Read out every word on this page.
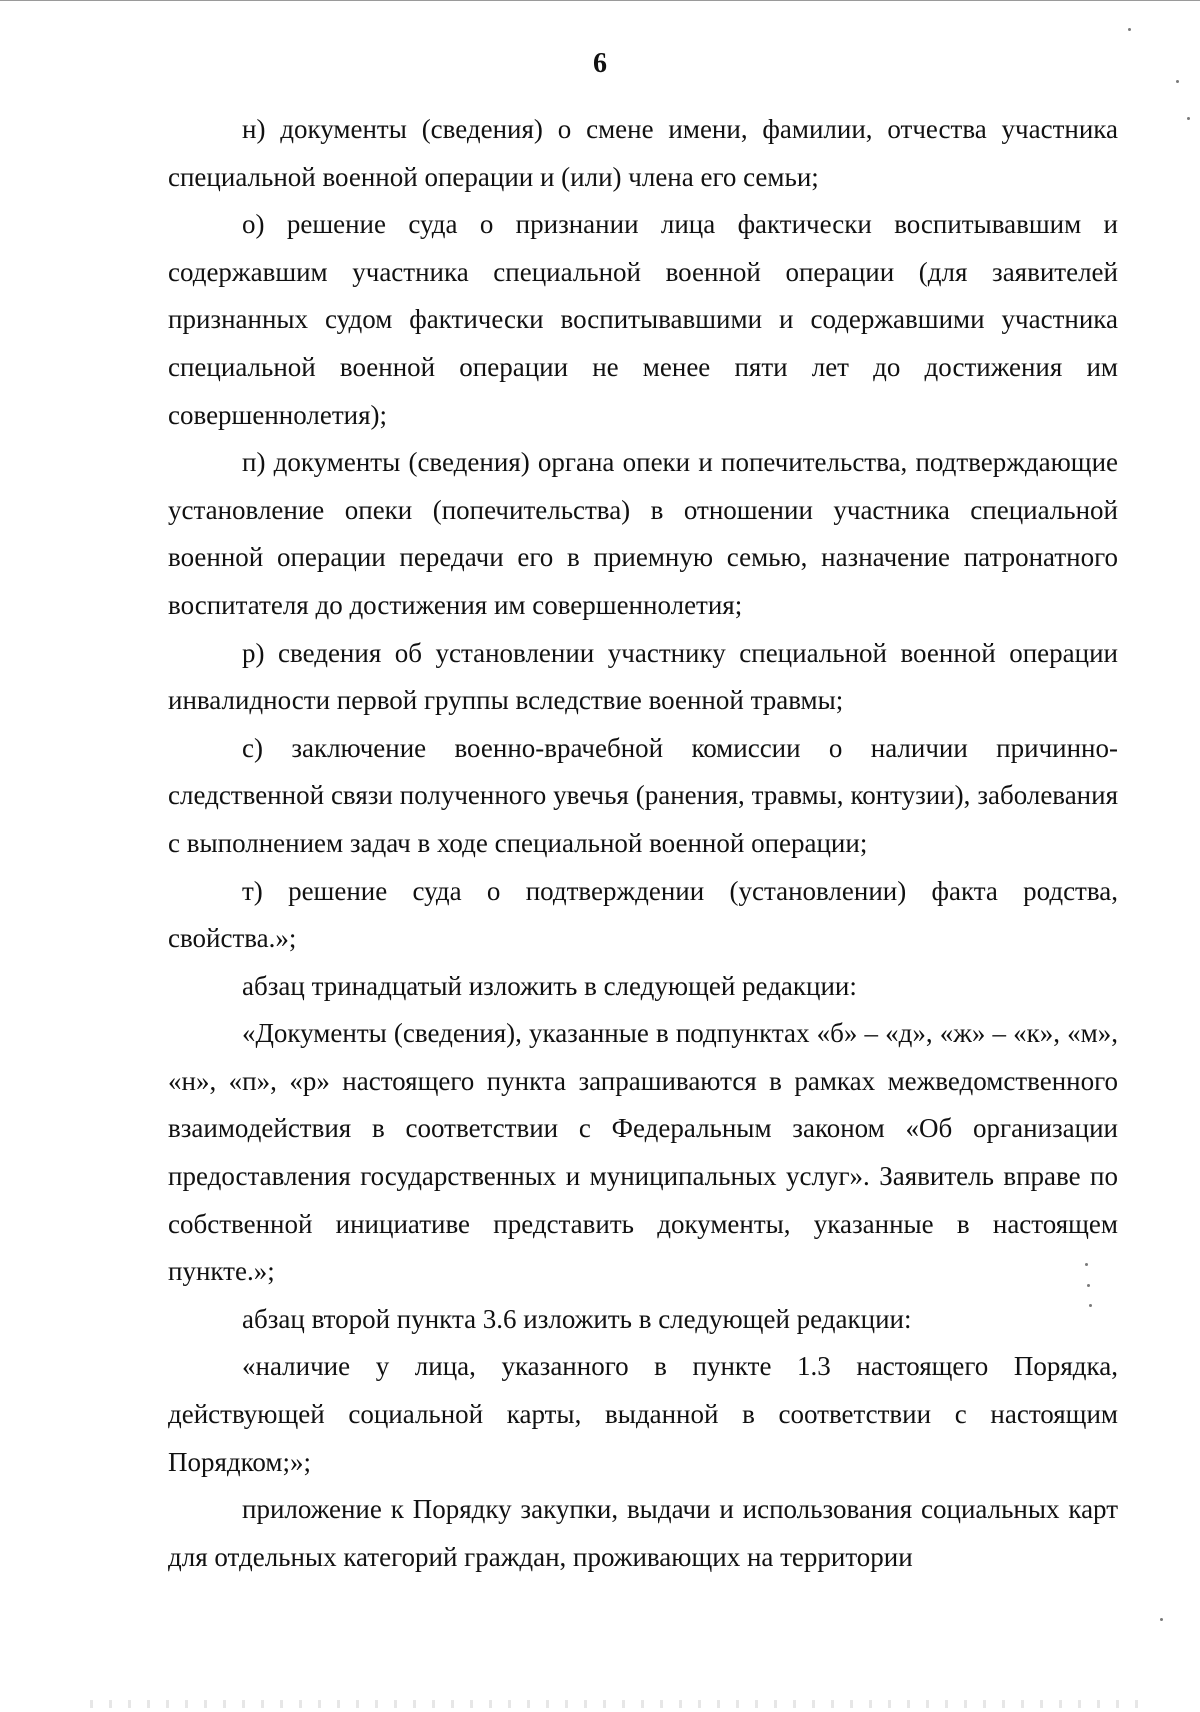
6

н) документы (сведения) о смене имени, фамилии, отчества участника специальной военной операции и (или) члена его семьи;

о) решение суда о признании лица фактически воспитывавшим и содержавшим участника специальной военной операции (для заявителей признанных судом фактически воспитывавшими и содержавшими участника специальной военной операции не менее пяти лет до достижения им совершеннолетия);

п) документы (сведения) органа опеки и попечительства, подтверждающие установление опеки (попечительства) в отношении участника специальной военной операции передачи его в приемную семью, назначение патронатного воспитателя до достижения им совершеннолетия;

р) сведения об установлении участнику специальной военной операции инвалидности первой группы вследствие военной травмы;

с) заключение военно-врачебной комиссии о наличии причинно-следственной связи полученного увечья (ранения, травмы, контузии), заболевания с выполнением задач в ходе специальной военной операции;

т) решение суда о подтверждении (установлении) факта родства, свойства.»;

абзац тринадцатый изложить в следующей редакции:

«Документы (сведения), указанные в подпунктах «б» – «д», «ж» – «к», «м», «н», «п», «р» настоящего пункта запрашиваются в рамках межведомственного взаимодействия в соответствии с Федеральным законом «Об организации предоставления государственных и муниципальных услуг». Заявитель вправе по собственной инициативе представить документы, указанные в настоящем пункте.»;

абзац второй пункта 3.6 изложить в следующей редакции:

«наличие у лица, указанного в пункте 1.3 настоящего Порядка, действующей социальной карты, выданной в соответствии с настоящим Порядком;»;

приложение к Порядку закупки, выдачи и использования социальных карт для отдельных категорий граждан, проживающих на территории
